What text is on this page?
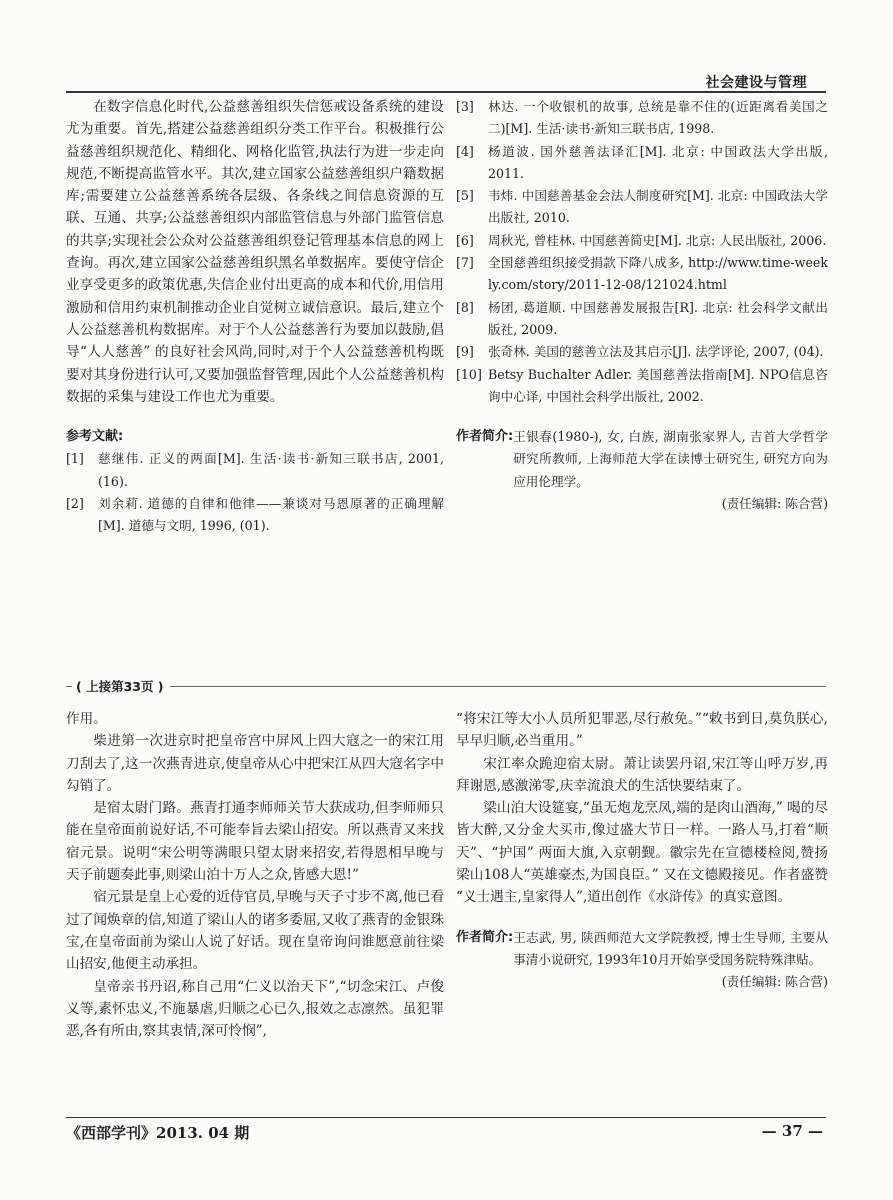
社会建设与管理

在数字信息化时代,公益慈善组织失信惩戒设备系统的建设尤为重要。首先,搭建公益慈善组织分类工作平台。积极推行公益慈善组织规范化、精细化、网格化监管,执法行为进一步走向规范,不断提高监管水平。其次,建立国家公益慈善组织户籍数据库;需要建立公益慈善系统各层级、各条线之间信息资源的互联、互通、共享;公益慈善组织内部监管信息与外部门监管信息的共享;实现社会公众对公益慈善组织登记管理基本信息的网上查询。再次,建立国家公益慈善组织黑名单数据库。要使守信企业享受更多的政策优惠,失信企业付出更高的成本和代价,用信用激励和信用约束机制推动企业自觉树立诚信意识。最后,建立个人公益慈善机构数据库。对于个人公益慈善行为要加以鼓励,倡导“人人慈善” 的良好社会风尚,同时,对于个人公益慈善机构既要对其身份进行认可,又要加强监督管理,因此个人公益慈善机构数据的采集与建设工作也尤为重要。

参考文献:
[1]	慈继伟. 正义的两面[M]. 生活·读书·新知三联书店, 2001, (16).
[2]	刘余莉. 道德的自律和他律——兼谈对马恩原著的正确理解[M]. 道德与文明, 1996, (01).
[3]	林达. 一个收银机的故事, 总统是靠不住的(近距离看美国之二)[M]. 生活·读书·新知三联书店, 1998.
[4]	杨道波. 国外慈善法译汇[M]. 北京: 中国政法大学出版, 2011.
[5]	韦炜. 中国慈善基金会法人制度研究[M]. 北京: 中国政法大学出版社, 2010.
[6]	周秋光, 曾桂林. 中国慈善简史[M]. 北京: 人民出版社, 2006.
[7]	全国慈善组织接受捐款下降八成多, http://www.time-weekly.com/story/2011-12-08/121024.html
[8]	杨团, 葛道顺. 中国慈善发展报告[R]. 北京: 社会科学文献出版社, 2009.
[9]	张奇林. 美国的慈善立法及其启示[J]. 法学评论, 2007, (04).
[10] Betsy Buchalter Adler. 美国慈善法指南[M]. NPO信息咨询中心译, 中国社会科学出版社, 2002.
作者简介: 王银春(1980-), 女, 白族, 湖南张家界人, 吉首大学哲学研究所教师, 上海师范大学在读博士研究生, 研究方向为应用伦理学。
(责任编辑: 陈合营)
( 上接第33页 )

作用。

柴进第一次进京时把皇帝宫中屏风上四大寇之一的宋江用刀刮去了,这一次燕青进京,使皇帝从心中把宋江从四大寇名字中勾销了。

是宿太尉门路。燕青打通李师师关节大获成功,但李师师只能在皇帝面前说好话,不可能奉旨去梁山招安。所以燕青又来找宿元景。说明“宋公明等满眼只望太尉来招安,若得恩相早晚与天子前题奏此事,则梁山泊十万人之众,皆感大恩!”

宿元景是皇上心爱的近侍官员,早晚与天子寸步不离,他已看过了闻焕章的信,知道了梁山人的诸多委屈,又收了燕青的金银珠宝,在皇帝面前为梁山人说了好话。现在皇帝询问谁愿意前往梁山招安,他便主动承担。

皇帝亲书丹诏,称自己用“仁义以治天下”,“切念宋江、卢俊义等,素怀忠义,不施暴虐,归顺之心已久,报效之志凛然。虽犯罪恶,各有所由,察其衷情,深可怜悯”,

“将宋江等大小人员所犯罪恶,尽行赦免。”“敕书到日,莫负朕心,早早归顺,必当重用。”

宋江率众跪迎宿太尉。萧让读罢丹诏,宋江等山呼万岁,再拜谢恩,感激涕零,庆幸流浪犬的生活快要结束了。

梁山泊大设筵宴,“虽无炮龙烹凤,端的是肉山酒海,” 喝的尽皆大醉,又分金大买市,像过盛大节日一样。一路人马,打着“顺天”、“护国” 两面大旗,入京朝觐。徽宗先在宣德楼检阅,赞扬梁山108人“英雄豪杰,为国良臣。” 又在文德殿接见。作者盛赞 “义士遇主,皇家得人”,道出创作《水浒传》的真实意图。

作者简介: 王志武, 男, 陕西师范大文学院教授, 博士生导师, 主要从事清小说研究, 1993年10月开始享受国务院特殊津贴。
(责任编辑: 陈合营)
《西部学刊》2013. 04 期	— 37 —
